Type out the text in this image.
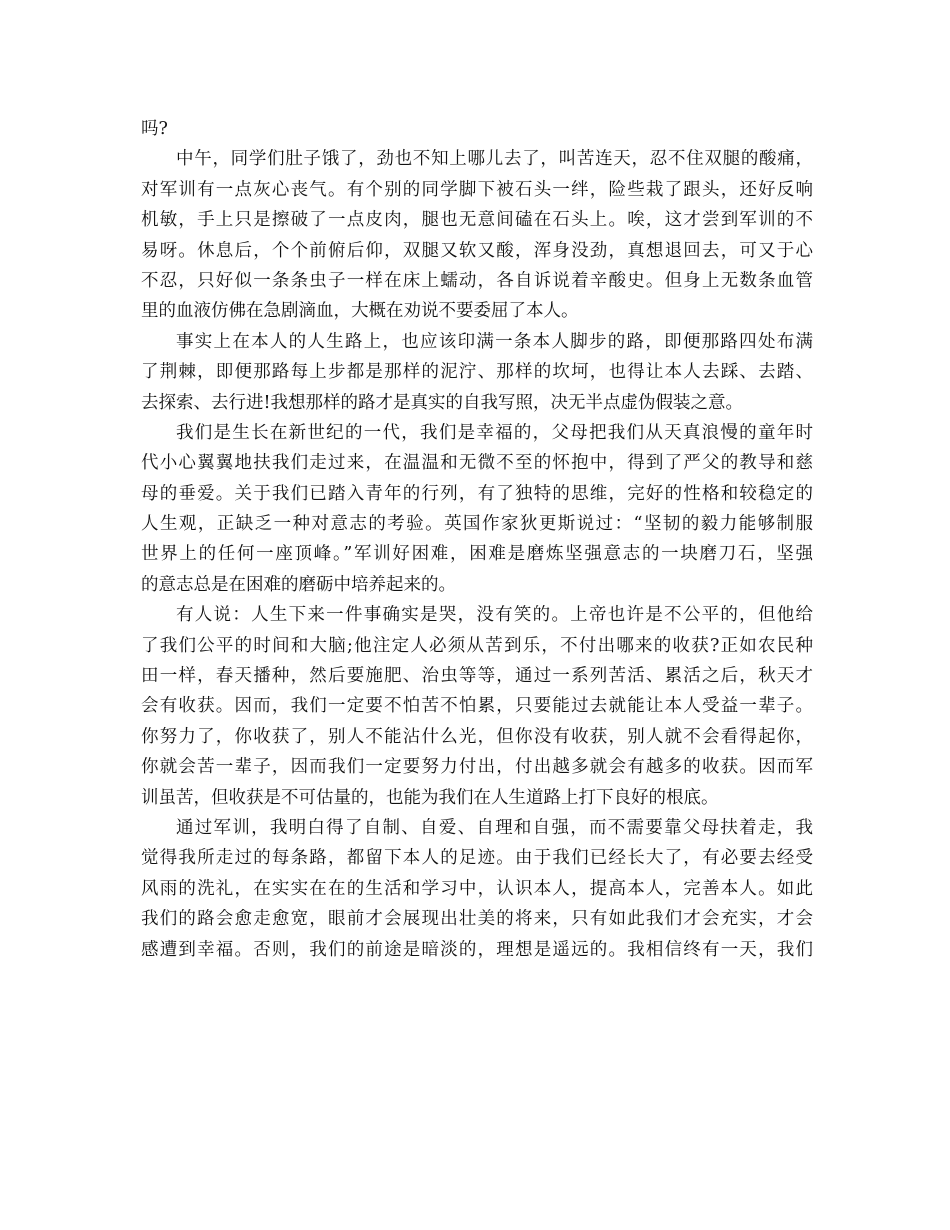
吗?
中午，同学们肚子饿了，劲也不知上哪儿去了，叫苦连天，忍不住双腿的酸痛，
对军训有一点灰心丧气。有个别的同学脚下被石头一绊，险些栽了跟头，还好反响
机敏，手上只是擦破了一点皮肉，腿也无意间磕在石头上。唉，这才尝到军训的不
易呀。休息后，个个前俯后仰，双腿又软又酸，浑身没劲，真想退回去，可又于心
不忍，只好似一条条虫子一样在床上蠕动，各自诉说着辛酸史。但身上无数条血管
里的血液仿佛在急剧滴血，大概在劝说不要委屈了本人。
事实上在本人的人生路上，也应该印满一条本人脚步的路，即便那路四处布满
了荆棘，即便那路每上步都是那样的泥泞、那样的坎坷，也得让本人去踩、去踏、
去探索、去行进!我想那样的路才是真实的自我写照，决无半点虚伪假装之意。
我们是生长在新世纪的一代，我们是幸福的，父母把我们从天真浪慢的童年时
代小心翼翼地扶我们走过来，在温温和无微不至的怀抱中，得到了严父的教导和慈
母的垂爱。关于我们已踏入青年的行列，有了独特的思维，完好的性格和较稳定的
人生观，正缺乏一种对意志的考验。英国作家狄更斯说过：“坚韧的毅力能够制服
世界上的任何一座顶峰。”军训好困难，困难是磨炼坚强意志的一块磨刀石，坚强
的意志总是在困难的磨砺中培养起来的。
有人说：人生下来一件事确实是哭，没有笑的。上帝也许是不公平的，但他给
了我们公平的时间和大脑;他注定人必须从苦到乐，不付出哪来的收获?正如农民种
田一样，春天播种，然后要施肥、治虫等等，通过一系列苦活、累活之后，秋天才
会有收获。因而，我们一定要不怕苦不怕累，只要能过去就能让本人受益一辈子。
你努力了，你收获了，别人不能沾什么光，但你没有收获，别人就不会看得起你，
你就会苦一辈子，因而我们一定要努力付出，付出越多就会有越多的收获。因而军
训虽苦，但收获是不可估量的，也能为我们在人生道路上打下良好的根底。
通过军训，我明白得了自制、自爱、自理和自强，而不需要靠父母扶着走，我
觉得我所走过的每条路，都留下本人的足迹。由于我们已经长大了，有必要去经受
风雨的洗礼，在实实在在的生活和学习中，认识本人，提高本人，完善本人。如此
我们的路会愈走愈宽，眼前才会展现出壮美的将来，只有如此我们才会充实，才会
感遭到幸福。否则，我们的前途是暗淡的，理想是遥远的。我相信终有一天，我们
